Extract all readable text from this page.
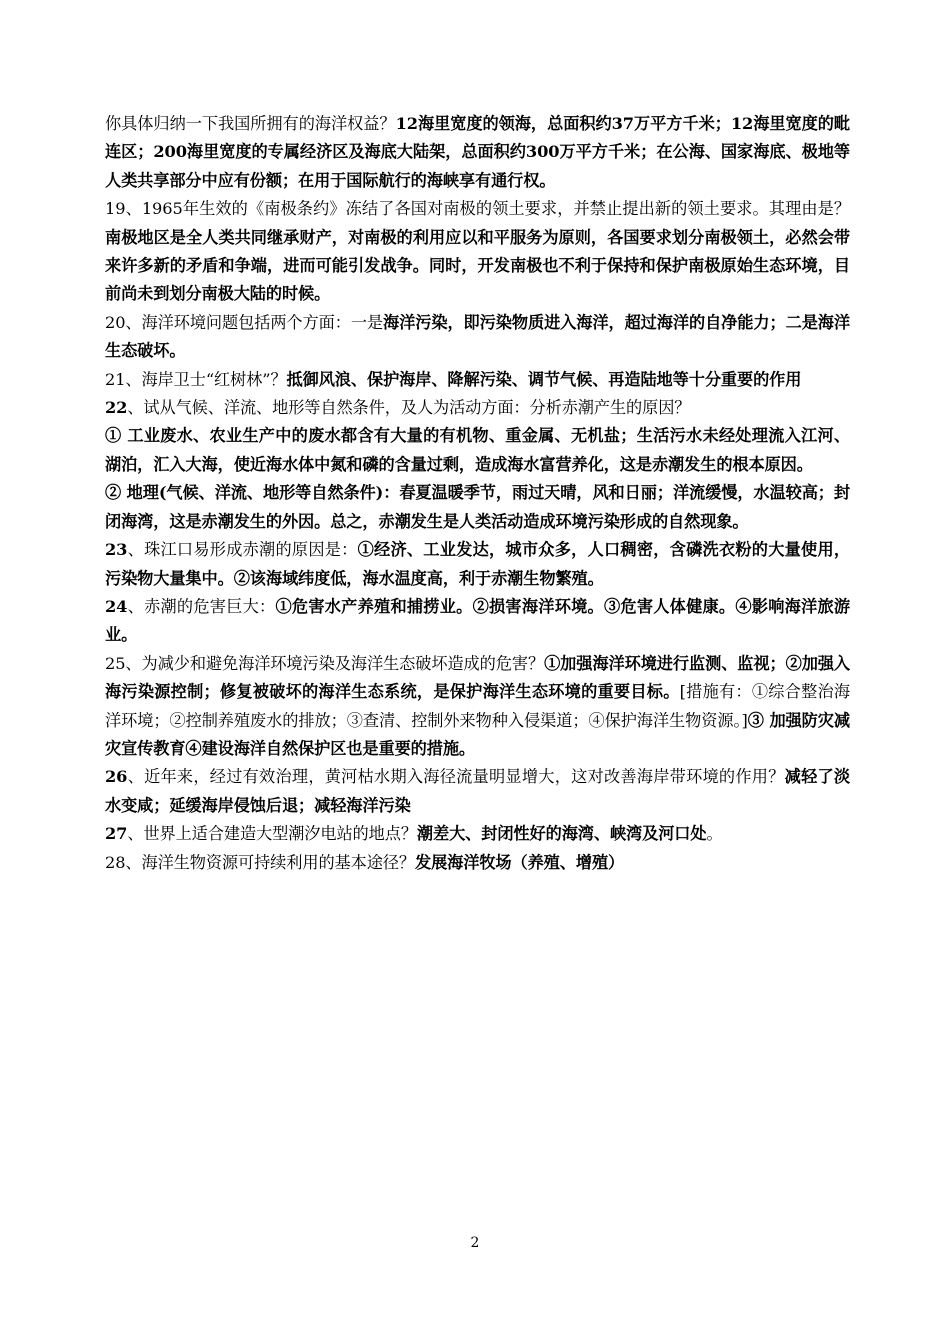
你具体归纳一下我国所拥有的海洋权益？12海里宽度的领海，总面积约37万平方千米；12海里宽度的毗连区；200海里宽度的专属经济区及海底大陆架，总面积约300万平方千米；在公海、国家海底、极地等人类共享部分中应有份额；在用于国际航行的海峡享有通行权。

19、1965年生效的《南极条约》冻结了各国对南极的领土要求，并禁止提出新的领土要求。其理由是？南极地区是全人类共同继承财产，对南极的利用应以和平服务为原则，各国要求划分南极领土，必然会带来许多新的矛盾和争端，进而可能引发战争。同时，开发南极也不利于保持和保护南极原始生态环境，目前尚未到划分南极大陆的时候。

20、海洋环境问题包括两个方面：一是海洋污染，即污染物质进入海洋，超过海洋的自净能力；二是海洋生态破坏。

21、海岸卫士“红树林”？抵御风浪、保护海岸、降解污染、调节气候、再造陆地等十分重要的作用

22、试从气候、洋流、地形等自然条件，及人为活动方面：分析赤潮产生的原因？

① 工业废水、农业生产中的废水都含有大量的有机物、重金属、无机盐；生活污水未经处理流入江河、湖泊，汇入大海，使近海水体中氮和磷的含量过剩，造成海水富营养化，这是赤潮发生的根本原因。

② 地理(气候、洋流、地形等自然条件)：春夏温暖季节，雨过天晴，风和日丽；洋流缓慢，水温较高；封闭海湾，这是赤潮发生的外因。总之，赤潮发生是人类活动造成环境污染形成的自然现象。

23、珠江口易形成赤潮的原因是：①经济、工业发达，城市众多，人口稠密，含磷洗衣粉的大量使用，污染物大量集中。②该海域纬度低，海水温度高，利于赤潮生物繁殖。

24、赤潮的危害巨大：①危害水产养殖和捕捞业。②损害海洋环境。③危害人体健康。④影响海洋旅游业。

25、为减少和避免海洋环境污染及海洋生态破坏造成的危害？①加强海洋环境进行监测、监视；②加强入海污染源控制；修复被破坏的海洋生态系统，是保护海洋生态环境的重要目标。[措施有：①综合整治海洋环境；②控制养殖废水的排放；③查清、控制外来物种入侵渠道；④保护海洋生物资源。]③ 加强防灾减灾宣传教育④建设海洋自然保护区也是重要的措施。

26、近年来，经过有效治理，黄河枯水期入海径流量明显增大，这对改善海岸带环境的作用？减轻了淡水变咸；延缓海岸侵蚀后退；减轻海洋污染

27、世界上适合建造大型潮汐电站的地点？潮差大、封闭性好的海湾、峡湾及河口处。

28、海洋生物资源可持续利用的基本途径？发展海洋牧场（养殖、增殖）

2
